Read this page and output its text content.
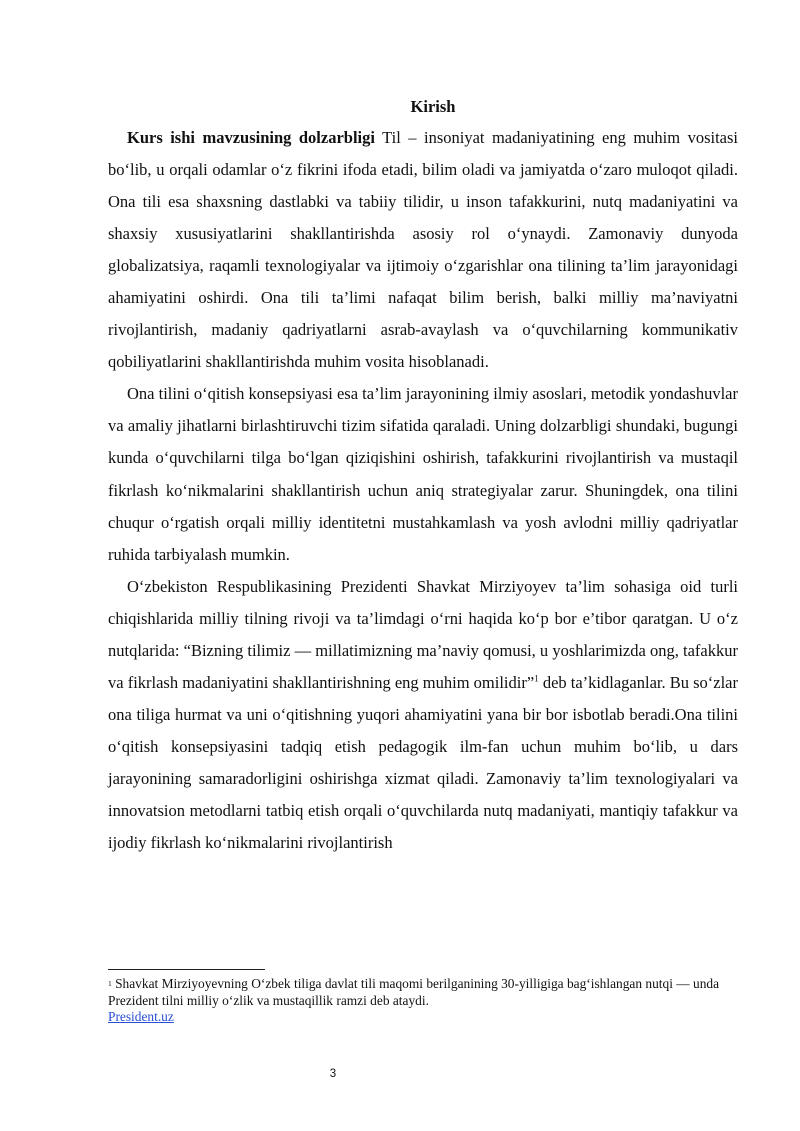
Kirish

Kurs ishi mavzusining dolzarbligi Til – insoniyat madaniyatining eng muhim vositasi bo‘lib, u orqali odamlar o‘z fikrini ifoda etadi, bilim oladi va jamiyatda o‘zaro muloqot qiladi. Ona tili esa shaxsning dastlabki va tabiiy tilidir, u inson tafakkurini, nutq madaniyatini va shaxsiy xususiyatlarini shakllantirishda asosiy rol o‘ynaydi. Zamonaviy dunyoda globalizatsiya, raqamli texnologiyalar va ijtimoiy o‘zgarishlar ona tilining ta’lim jarayonidagi ahamiyatini oshirdi. Ona tili ta’limi nafaqat bilim berish, balki milliy ma’naviyatni rivojlantirish, madaniy qadriyatlarni asrab-avaylash va o‘quvchilarning kommunikativ qobiliyatlarini shakllantirishda muhim vosita hisoblanadi.

Ona tilini o‘qitish konsepsiyasi esa ta’lim jarayonining ilmiy asoslari, metodik yondashuvlar va amaliy jihatlarni birlashtiruvchi tizim sifatida qaraladi. Uning dolzarbligi shundaki, bugungi kunda o‘quvchilarni tilga bo‘lgan qiziqishini oshirish, tafakkurini rivojlantirish va mustaqil fikrlash ko‘nikmalarini shakllantirish uchun aniq strategiyalar zarur. Shuningdek, ona tilini chuqur o‘rgatish orqali milliy identitetni mustahkamlash va yosh avlodni milliy qadriyatlar ruhida tarbiyalash mumkin.

O‘zbekiston Respublikasining Prezidenti Shavkat Mirziyoyev ta’lim sohasiga oid turli chiqishlarida milliy tilning rivoji va ta’limdagi o‘rni haqida ko‘p bor e’tibor qaratgan. U o‘z nutqlarida: “Bizning tilimiz — millatimizning ma’naviy qomusi, u yoshlarimizda ong, tafakkur va fikrlash madaniyatini shakllantirishning eng muhim omilidir”$^1$ deb ta’kidlaganlar. Bu so‘zlar ona tiliga hurmat va uni o‘qitishning yuqori ahamiyatini yana bir bor isbotlab beradi.Ona tilini o‘qitish konsepsiyasini tadqiq etish pedagogik ilm-fan uchun muhim bo‘lib, u dars jarayonining samaradorligini oshirishga xizmat qiladi. Zamonaviy ta’lim texnologiyalari va innovatsion metodlarni tatbiq etish orqali o‘quvchilarda nutq madaniyati, mantiqiy tafakkur va ijodiy fikrlash ko‘nikmalarini rivojlantirish

$^1$ Shavkat Mirziyoyevning O‘zbek tiliga davlat tili maqomi berilganining 30-yilligiga bag‘ishlangan nutqi — unda Prezident tilni milliy o‘zlik va mustaqillik ramzi deb ataydi.
President.uz
3
